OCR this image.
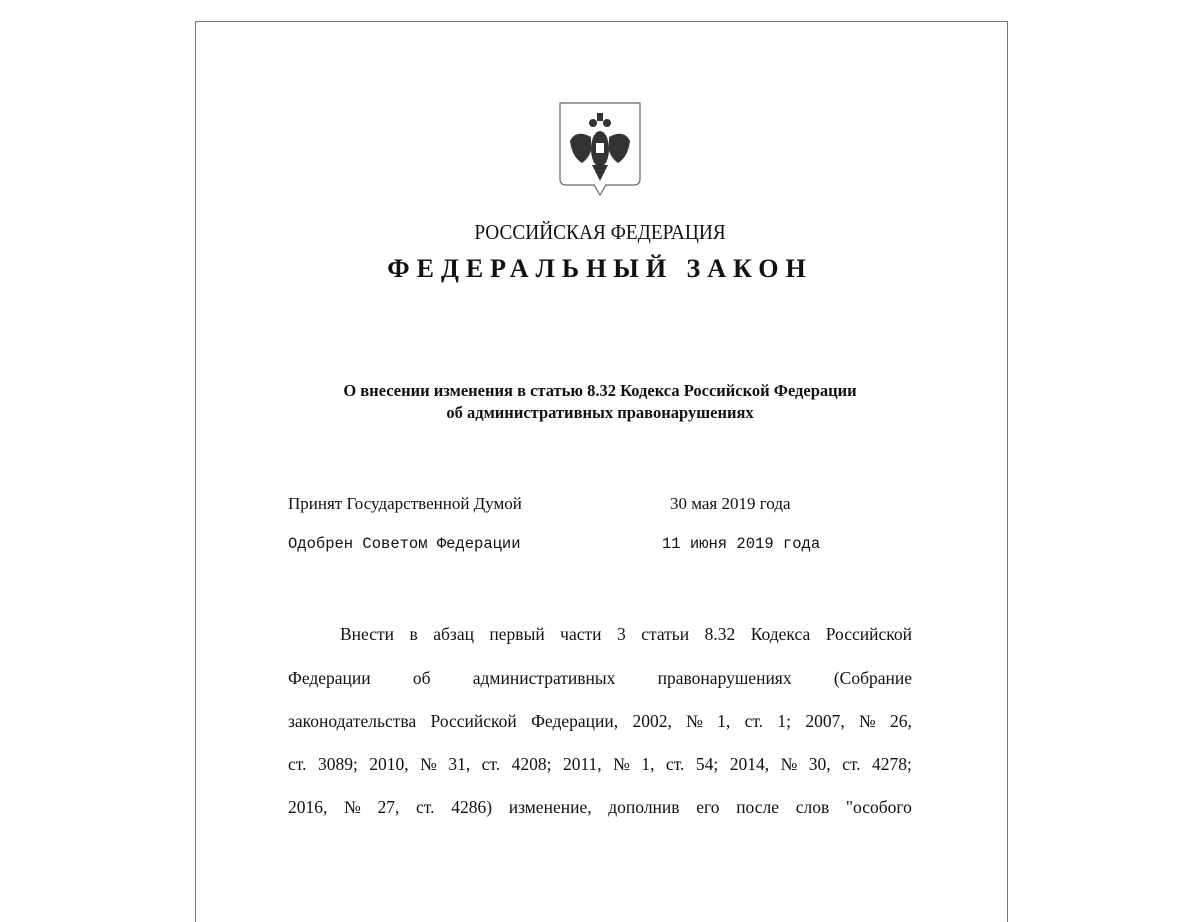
РОССИЙСКАЯ ФЕДЕРАЦИЯ
ФЕДЕРАЛЬНЫЙ ЗАКОН
О внесении изменения в статью 8.32 Кодекса Российской Федерации
об административных правонарушениях
Принят Государственной Думой	30 мая 2019 года
Одобрен Советом Федерации	11 июня 2019 года
Внести в абзац первый части 3 статьи 8.32 Кодекса Российской
Федерации об административных правонарушениях (Собрание
законодательства Российской Федерации, 2002, № 1, ст. 1; 2007, № 26,
ст. 3089; 2010, № 31, ст. 4208; 2011, № 1, ст. 54; 2014, № 30, ст. 4278;
2016, № 27, ст. 4286) изменение, дополнив его после слов "особого
